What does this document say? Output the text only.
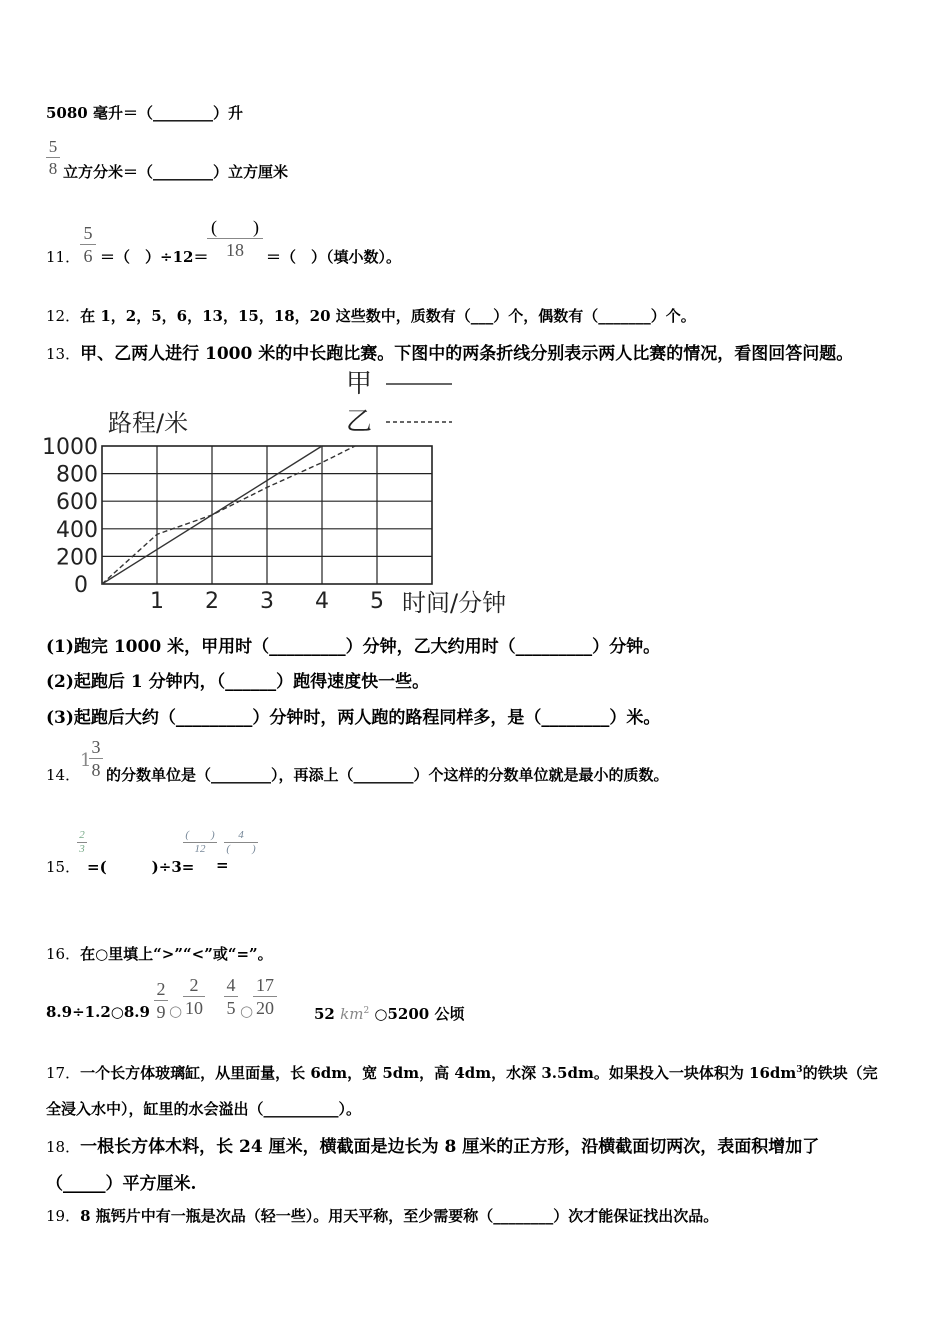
5080 毫升＝（________）升
5
8 立方分米＝（________）立方厘米
11．
5
6 ＝（　）÷12＝
(　　)
18	＝（　）（填小数）。
12．在 1，2，5，6，13，15，18，20 这些数中，质数有（___）个，偶数有（_______）个。
13．甲、乙两人进行 1000 米的中长跑比赛。下图中的两条折线分别表示两人比赛的情况，看图回答问题。
1000
800
600
400
200
0
1 2 3 4 5
甲
乙
路程/米
时间/分钟
(1)跑完 1000 米，甲用时（_________）分钟，乙大约用时（_________）分钟。
(2)起跑后 1 分钟内，（______）跑得速度快一些。
(3)起跑后大约（_________）分钟时，两人跑的路程同样多，是（________）米。
14．
1
3
8 的分数单位是（________），再添上（________）个这样的分数单位就是最小的质数。
15．
2
3
=(　　　)÷3=
(　　)
12
=
4
(　　)
16．在○里填上“>”“<”或“=”。
8.9÷1.2○8.9
2
9 ○
2
10
4
5 ○
17
20	52 $km^2$ ○5200 公顷
17．一个长方体玻璃缸，从里面量，长 6dm，宽 5dm，高 4dm，水深 3.5dm。如果投入一块体积为 $16dm^3$的铁块（完
全浸入水中），缸里的水会溢出（__________）。
18．一根长方体木料，长 24 厘米，横截面是边长为 8 厘米的正方形，沿横截面切两次，表面积增加了
（_____）平方厘米.
19．8 瓶钙片中有一瓶是次品（轻一些）。用天平称，至少需要称（________）次才能保证找出次品。
